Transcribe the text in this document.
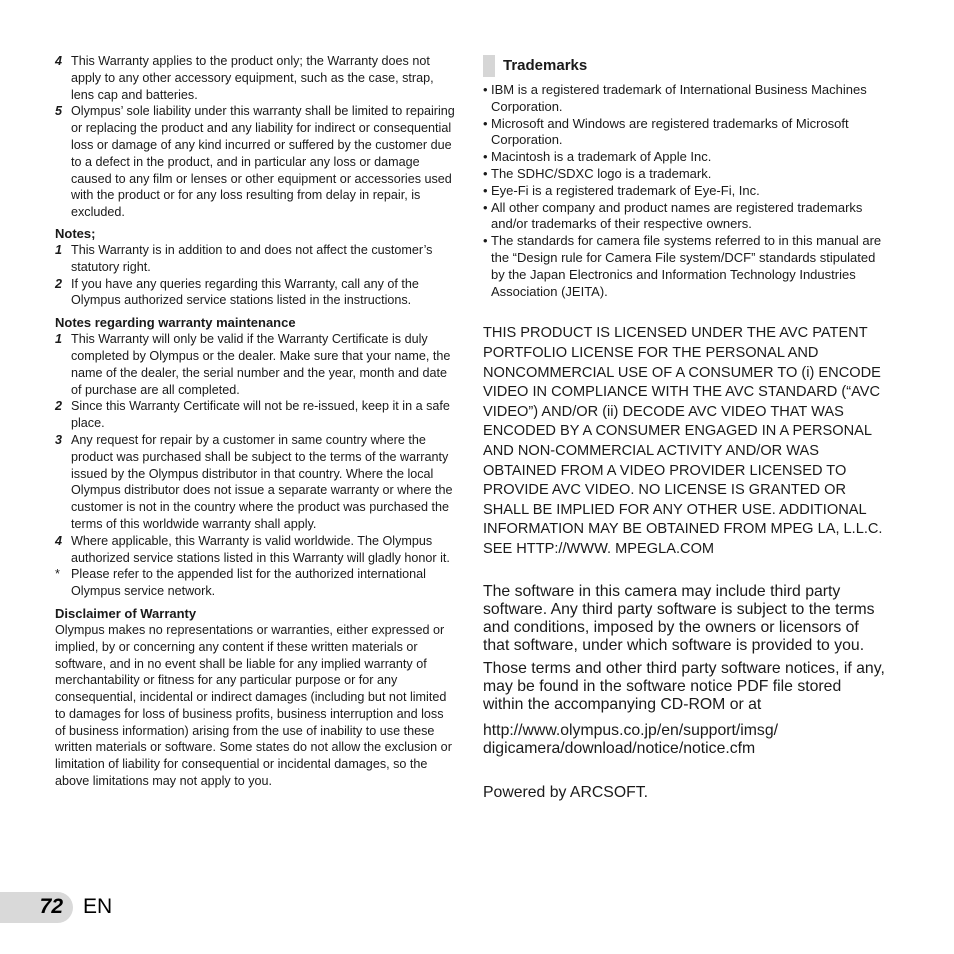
4 This Warranty applies to the product only; the Warranty does not apply to any other accessory equipment, such as the case, strap, lens cap and batteries.
5 Olympus’ sole liability under this warranty shall be limited to repairing or replacing the product and any liability for indirect or consequential loss or damage of any kind incurred or suffered by the customer due to a defect in the product, and in particular any loss or damage caused to any film or lenses or other equipment or accessories used with the product or for any loss resulting from delay in repair, is excluded.
Notes;
1 This Warranty is in addition to and does not affect the customer’s statutory right.
2 If you have any queries regarding this Warranty, call any of the Olympus authorized service stations listed in the instructions.
Notes regarding warranty maintenance
1 This Warranty will only be valid if the Warranty Certificate is duly completed by Olympus or the dealer. Make sure that your name, the name of the dealer, the serial number and the year, month and date of purchase are all completed.
2 Since this Warranty Certificate will not be re-issued, keep it in a safe place.
3 Any request for repair by a customer in same country where the product was purchased shall be subject to the terms of the warranty issued by the Olympus distributor in that country. Where the local Olympus distributor does not issue a separate warranty or where the customer is not in the country where the product was purchased the terms of this worldwide warranty shall apply.
4 Where applicable, this Warranty is valid worldwide. The Olympus authorized service stations listed in this Warranty will gladly honor it.
* Please refer to the appended list for the authorized international Olympus service network.
Disclaimer of Warranty

Olympus makes no representations or warranties, either expressed or implied, by or concerning any content if these written materials or software, and in no event shall be liable for any implied warranty of merchantability or fitness for any particular purpose or for any consequential, incidental or indirect damages (including but not limited to damages for loss of business profits, business interruption and loss of business information) arising from the use of inability to use these written materials or software. Some states do not allow the exclusion or limitation of liability for consequential or incidental damages, so the above limitations may not apply to you.

Trademarks
• IBM is a registered trademark of International Business Machines Corporation.
• Microsoft and Windows are registered trademarks of Microsoft Corporation.
• Macintosh is a trademark of Apple Inc.
• The SDHC/SDXC logo is a trademark.
• Eye-Fi is a registered trademark of Eye-Fi, Inc.
• All other company and product names are registered trademarks and/or trademarks of their respective owners.
• The standards for camera file systems referred to in this manual are the “Design rule for Camera File system/DCF” standards stipulated by the Japan Electronics and Information Technology Industries Association (JEITA).

THIS PRODUCT IS LICENSED UNDER THE AVC PATENT PORTFOLIO LICENSE FOR THE PERSONAL AND NONCOMMERCIAL USE OF A CONSUMER TO (i) ENCODE VIDEO IN COMPLIANCE WITH THE AVC STANDARD (“AVC VIDEO”) AND/OR (ii) DECODE AVC VIDEO THAT WAS ENCODED BY A CONSUMER ENGAGED IN A PERSONAL AND NON-COMMERCIAL ACTIVITY AND/OR WAS OBTAINED FROM A VIDEO PROVIDER LICENSED TO PROVIDE AVC VIDEO. NO LICENSE IS GRANTED OR SHALL BE IMPLIED FOR ANY OTHER USE. ADDITIONAL INFORMATION MAY BE OBTAINED FROM MPEG LA, L.L.C. SEE HTTP://WWW. MPEGLA.COM

The software in this camera may include third party software. Any third party software is subject to the terms and conditions, imposed by the owners or licensors of that software, under which software is provided to you.

Those terms and other third party software notices, if any, may be found in the software notice PDF file stored within the accompanying CD-ROM or at

http://www.olympus.co.jp/en/support/imsg/ digicamera/download/notice/notice.cfm

Powered by ARCSOFT.

72 EN
